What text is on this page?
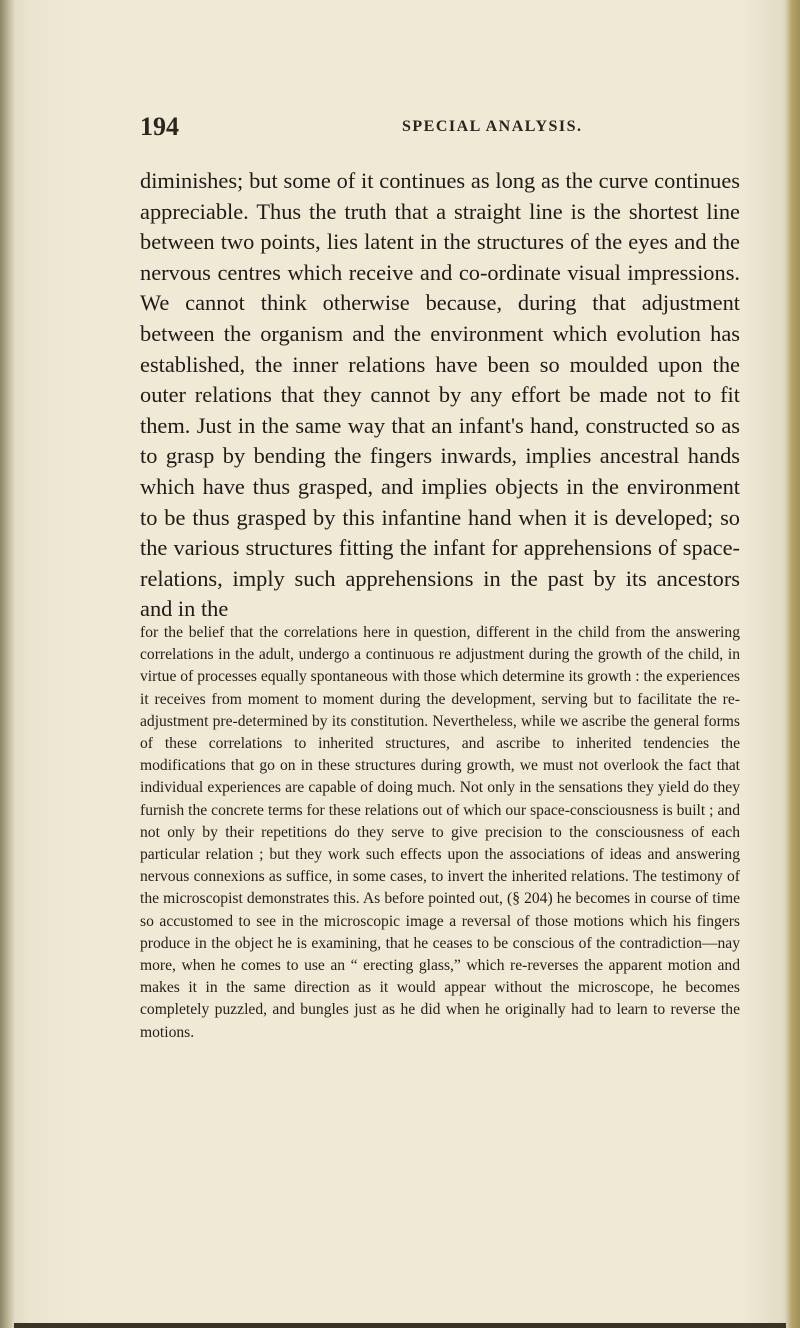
194	SPECIAL ANALYSIS.

diminishes; but some of it continues as long as the curve continues appreciable. Thus the truth that a straight line is the shortest line between two points, lies latent in the structures of the eyes and the nervous centres which receive and co-ordinate visual impressions. We cannot think otherwise because, during that adjustment between the organism and the environment which evolution has established, the inner relations have been so moulded upon the outer relations that they cannot by any effort be made not to fit them. Just in the same way that an infant's hand, constructed so as to grasp by bending the fingers inwards, implies ancestral hands which have thus grasped, and implies objects in the environment to be thus grasped by this infantine hand when it is developed; so the various structures fitting the infant for apprehensions of space-relations, imply such apprehensions in the past by its ancestors and in the

for the belief that the correlations here in question, different in the child from the answering correlations in the adult, undergo a continuous re adjustment during the growth of the child, in virtue of processes equally spontaneous with those which determine its growth : the experiences it receives from moment to moment during the development, serving but to facilitate the re-adjustment pre-determined by its constitution. Nevertheless, while we ascribe the general forms of these correlations to inherited structures, and ascribe to inherited tendencies the modifications that go on in these structures during growth, we must not overlook the fact that individual experiences are capable of doing much. Not only in the sensations they yield do they furnish the concrete terms for these relations out of which our space-consciousness is built ; and not only by their repetitions do they serve to give precision to the consciousness of each particular relation ; but they work such effects upon the associations of ideas and answering nervous connexions as suffice, in some cases, to invert the inherited relations. The testimony of the microscopist demonstrates this. As before pointed out, (§ 204) he becomes in course of time so accustomed to see in the microscopic image a reversal of those motions which his fingers produce in the object he is examining, that he ceases to be conscious of the contradiction—nay more, when he comes to use an “ erecting glass,” which re-reverses the apparent motion and makes it in the same direction as it would appear without the microscope, he becomes completely puzzled, and bungles just as he did when he originally had to learn to reverse the motions.
